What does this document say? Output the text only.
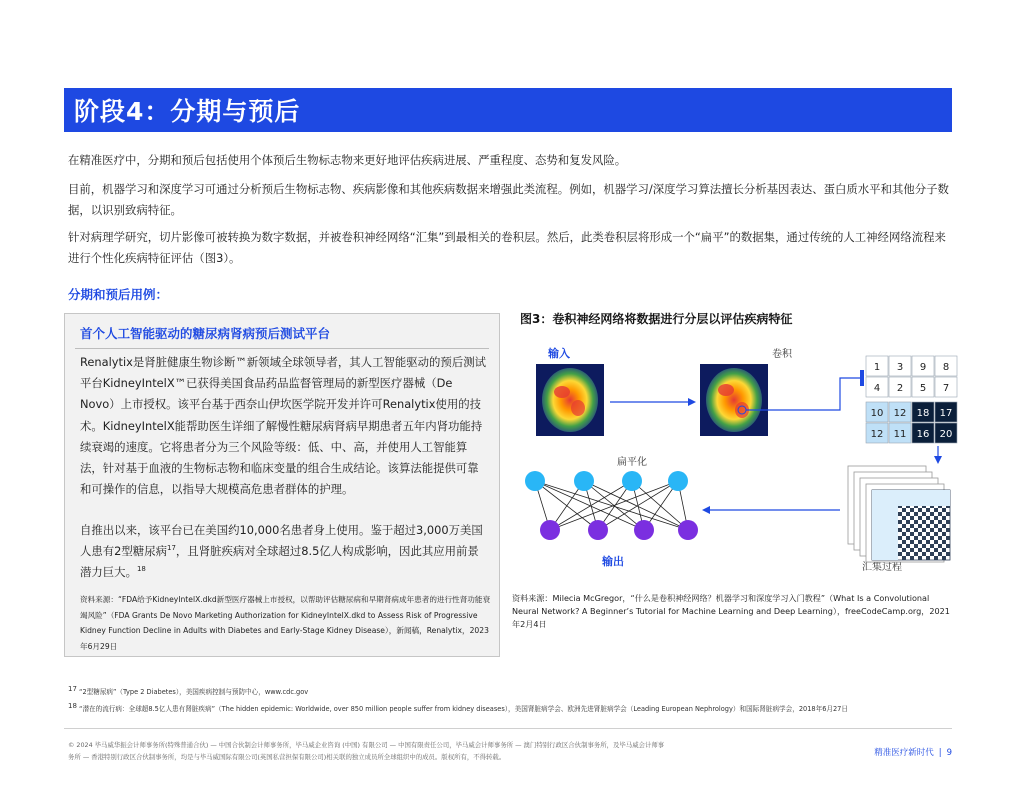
阶段4：分期与预后

在精准医疗中，分期和预后包括使用个体预后生物标志物来更好地评估疾病进展、严重程度、态势和复发风险。

目前，机器学习和深度学习可通过分析预后生物标志物、疾病影像和其他疾病数据来增强此类流程。例如，机器学习/深度学习算法擅长分析基因表达、蛋白质水平和其他分子数据，以识别致病特征。

针对病理学研究，切片影像可被转换为数字数据，并被卷积神经网络“汇集”到最相关的卷积层。然后，此类卷积层将形成一个“扁平”的数据集，通过传统的人工神经网络流程来进行个性化疾病特征评估（图3）。

分期和预后用例：
首个人工智能驱动的糖尿病肾病预后测试平台

Renalytix是肾脏健康生物诊断™新领域全球领导者，其人工智能驱动的预后测试平台KidneyIntelX™已获得美国食品药品监督管理局的新型医疗器械（De Novo）上市授权。该平台基于西奈山伊坎医学院开发并许可Renalytix使用的技术。KidneyIntelX能帮助医生详细了解慢性糖尿病肾病早期患者五年内肾功能持续衰竭的速度。它将患者分为三个风险等级：低、中、高，并使用人工智能算法，针对基于血液的生物标志物和临床变量的组合生成结论。该算法能提供可靠和可操作的信息，以指导大规模高危患者群体的护理。

自推出以来，该平台已在美国约10,000名患者身上使用。鉴于超过3,000万美国人患有2型糖尿病$^{17}$，且肾脏疾病对全球超过8.5亿人构成影响，因此其应用前景潜力巨大。$^{18}$

资料来源：“FDA给予KidneyIntelX.dkd新型医疗器械上市授权，以帮助评估糖尿病和早期肾病成年患者的进行性肾功能衰竭风险”（FDA Grants De Novo Marketing Authorization for KidneyIntelX.dkd to Assess Risk of Progressive Kidney Function Decline in Adults with Diabetes and Early-Stage Kidney Disease），新闻稿，Renalytix，2023年6月29日

图3：卷积神经网络将数据进行分层以评估疾病特征
输入	卷积
扁平化
输出	汇集过程
1 3 9 8
4 2 5 7
10 12 18 17
12 11 16 20

资料来源：Milecia McGregor，“什么是卷积神经网络？机器学习和深度学习入门教程”（What Is a Convolutional Neural Network? A Beginner’s Tutorial for Machine Learning and Deep Learning），freeCodeCamp.org，2021年2月4日

17 “2型糖尿病”（Type 2 Diabetes），美国疾病控制与预防中心，www.cdc.gov
18 “潜在的流行病：全球超8.5亿人患有肾脏疾病”（The hidden epidemic: Worldwide, over 850 million people suffer from kidney diseases），美国肾脏病学会、欧洲先进肾脏病学会（Leading European Nephrology）和国际肾脏病学会，2018年6月27日

© 2024 毕马威华振会计师事务所(特殊普通合伙) — 中国合伙制会计师事务所，毕马威企业咨询 (中国) 有限公司 — 中国有限责任公司，毕马威会计师事务所 — 澳门特别行政区合伙制事务所，及毕马威会计师事务所 — 香港特别行政区合伙制事务所，均是与毕马威国际有限公司(英国私营担保有限公司)相关联的独立成员所全球组织中的成员。版权所有，不得转载。	精准医疗新时代 | 9
